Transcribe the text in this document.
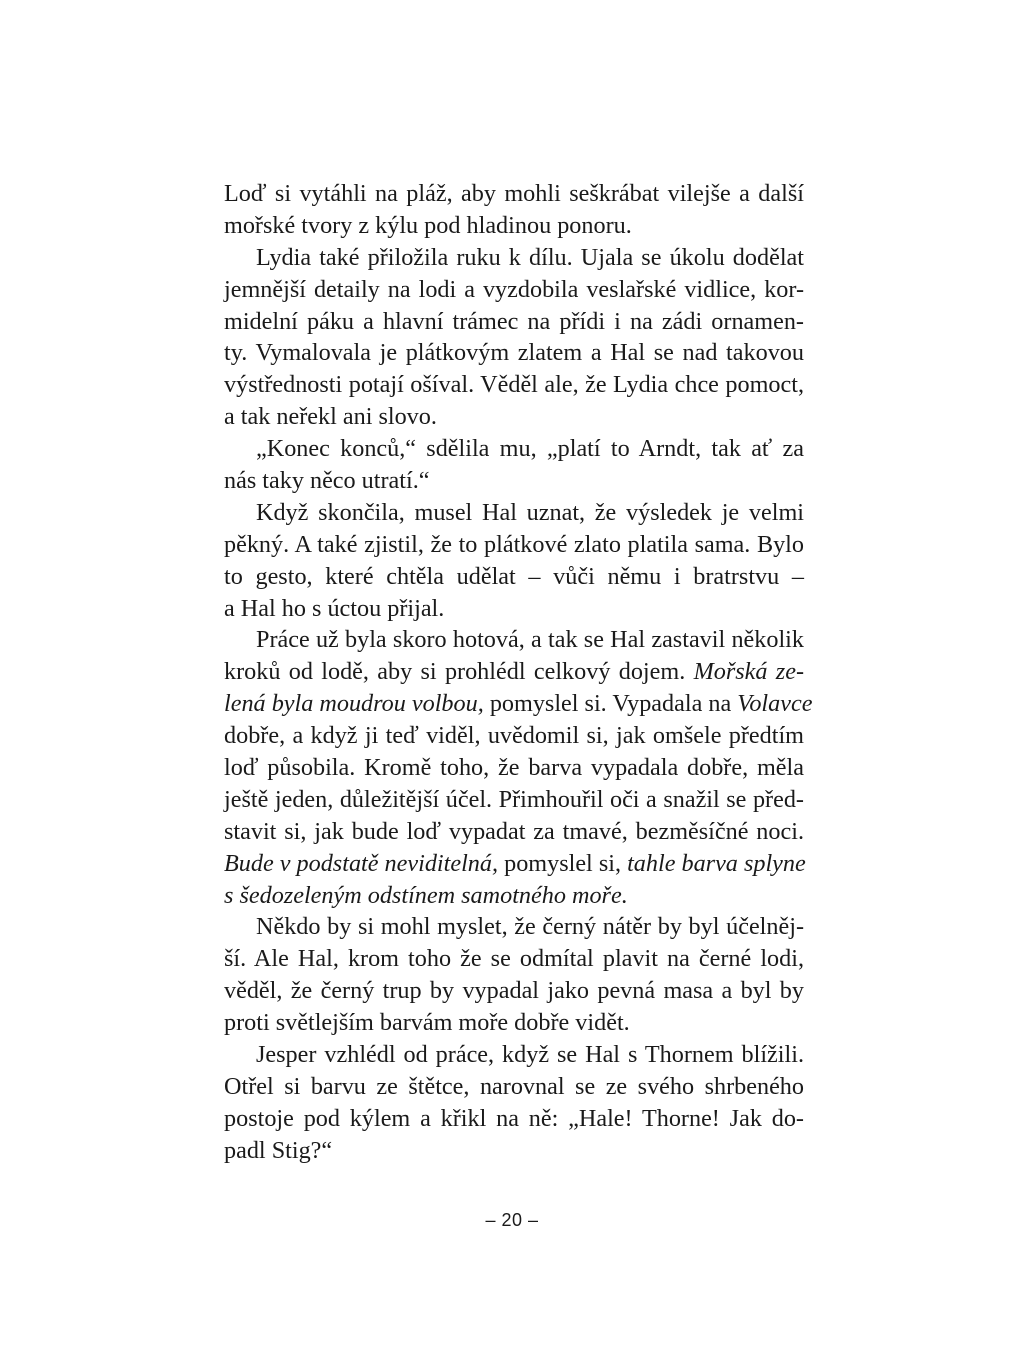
Loď si vytáhli na pláž, aby mohli seškrábat vilejše a další
mořské tvory z kýlu pod hladinou ponoru.
Lydia také přiložila ruku k dílu. Ujala se úkolu dodělat
jemnější detaily na lodi a vyzdobila veslařské vidlice, kor-
midelní páku a hlavní trámec na přídi i na zádi ornamen-
ty. Vymalovala je plátkovým zlatem a Hal se nad takovou
výstřednosti potají ošíval. Věděl ale, že Lydia chce pomoct,
a tak neřekl ani slovo.
„Konec konců,“ sdělila mu, „platí to Arndt, tak ať za
nás taky něco utratí.“
Když skončila, musel Hal uznat, že výsledek je velmi
pěkný. A také zjistil, že to plátkové zlato platila sama. Bylo
to gesto, které chtěla udělat – vůči němu i bratrstvu –
a Hal ho s úctou přijal.
Práce už byla skoro hotová, a tak se Hal zastavil několik
kroků od lodě, aby si prohlédl celkový dojem. Mořská ze-
lená byla moudrou volbou, pomyslel si. Vypadala na Volavce
dobře, a když ji teď viděl, uvědomil si, jak omšele předtím
loď působila. Kromě toho, že barva vypadala dobře, měla
ještě jeden, důležitější účel. Přimhouřil oči a snažil se před-
stavit si, jak bude loď vypadat za tmavé, bezměsíčné noci.
Bude v podstatě neviditelná, pomyslel si, tahle barva splyne
s šedozeleným odstínem samotného moře.
Někdo by si mohl myslet, že černý nátěr by byl účelněj-
ší. Ale Hal, krom toho že se odmítal plavit na černé lodi,
věděl, že černý trup by vypadal jako pevná masa a byl by
proti světlejším barvám moře dobře vidět.
Jesper vzhlédl od práce, když se Hal s Thornem blížili.
Otřel si barvu ze štětce, narovnal se ze svého shrbeného
postoje pod kýlem a křikl na ně: „Hale! Thorne! Jak do-
padl Stig?“
– 20 –
